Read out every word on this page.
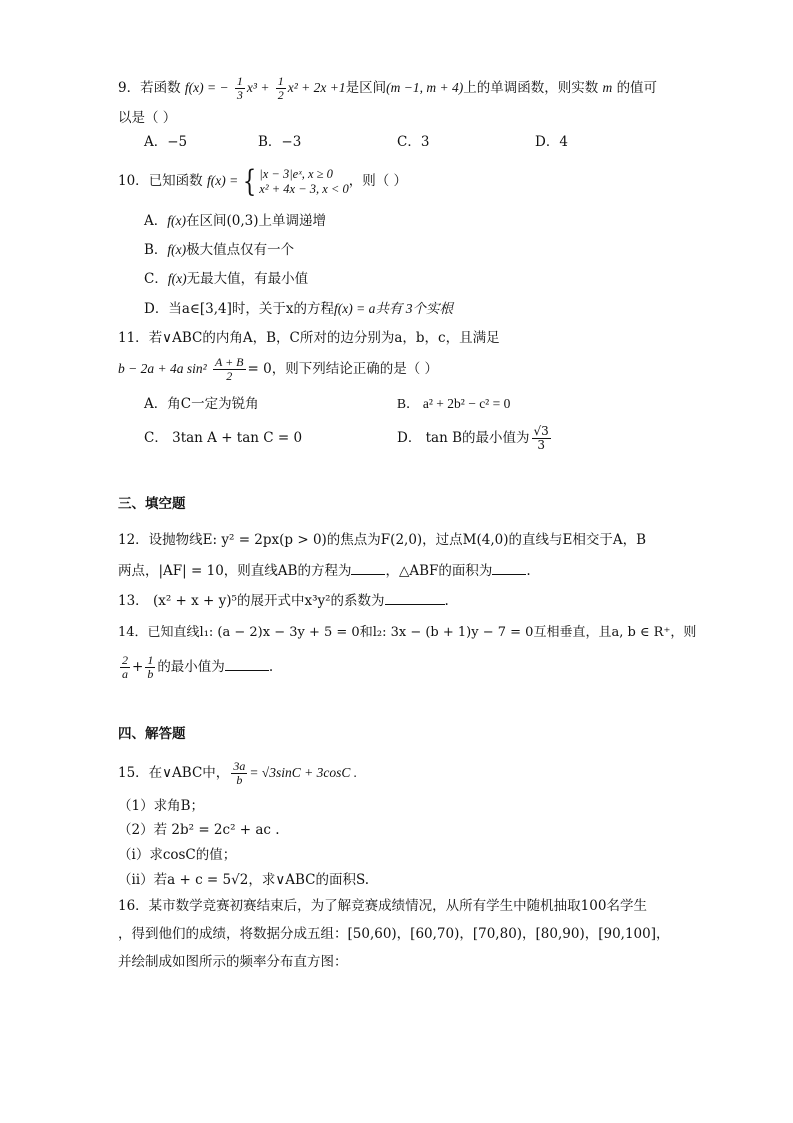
9．若函数 f(x) = − $\frac{1}{3} x^3 + \frac{1}{2} x^2 + 2x +1$是区间(m −1, m + 4)上的单调函数，则实数 m 的值可
以是（ ）
A．−5	B．−3	C．3	D．4
10．已知函数 f(x) = { |x − 3|eˣ, x ≥ 0
x² + 4x − 3, x < 0 ，则（ ）
A．f(x)在区间(0,3)上单调递增
B．f(x)极大值点仅有一个
C．f(x)无最大值，有最小值
D．当a∈[3,4]时，关于x的方程f(x) = a共有 3个实根
11．若∨ABC的内角A，B，C所对的边分别为a，b，c，且满足
b − 2a + 4a $\sin^2 \frac{A + B}{2} = 0$，则下列结论正确的是（ ）
A．角C一定为锐角	B． a² + 2b² − c² = 0
C． 3tan A + tan C = 0	D． tan B的最小值为 $\frac{√3}{3}$
三、填空题
12．设抛物线E: y² = 2px(p > 0)的焦点为F(2,0)，过点M(4,0)的直线与E相交于A，B
两点，|AF| = 10，则直线AB的方程为	，△ABF的面积为	.
13． (x² + x + y)⁵的展开式中x³y²的系数为	.
14．已知直线l₁: (a − 2)x − 3y + 5 = 0和l₂: 3x − (b + 1)y − 7 = 0互相垂直，且a, b ∈ R⁺，则
$\frac{2}{a} + \frac{1}{b}$ 的最小值为	.
四、解答题
15．在∨ABC中， $\frac{3a}{b} = √3\sin C + 3\cos C$ .
（1）求角B；
（2）若 2b² = 2c² + ac .
（ⅰ）求cosC的值；
（ⅱ）若a + c = 5√2，求∨ABC的面积S.
16．某市数学竞赛初赛结束后，为了解竞赛成绩情况，从所有学生中随机抽取100名学生
，得到他们的成绩，将数据分成五组：[50,60)，[60,70)，[70,80)，[80,90)，[90,100]，
并绘制成如图所示的频率分布直方图：
